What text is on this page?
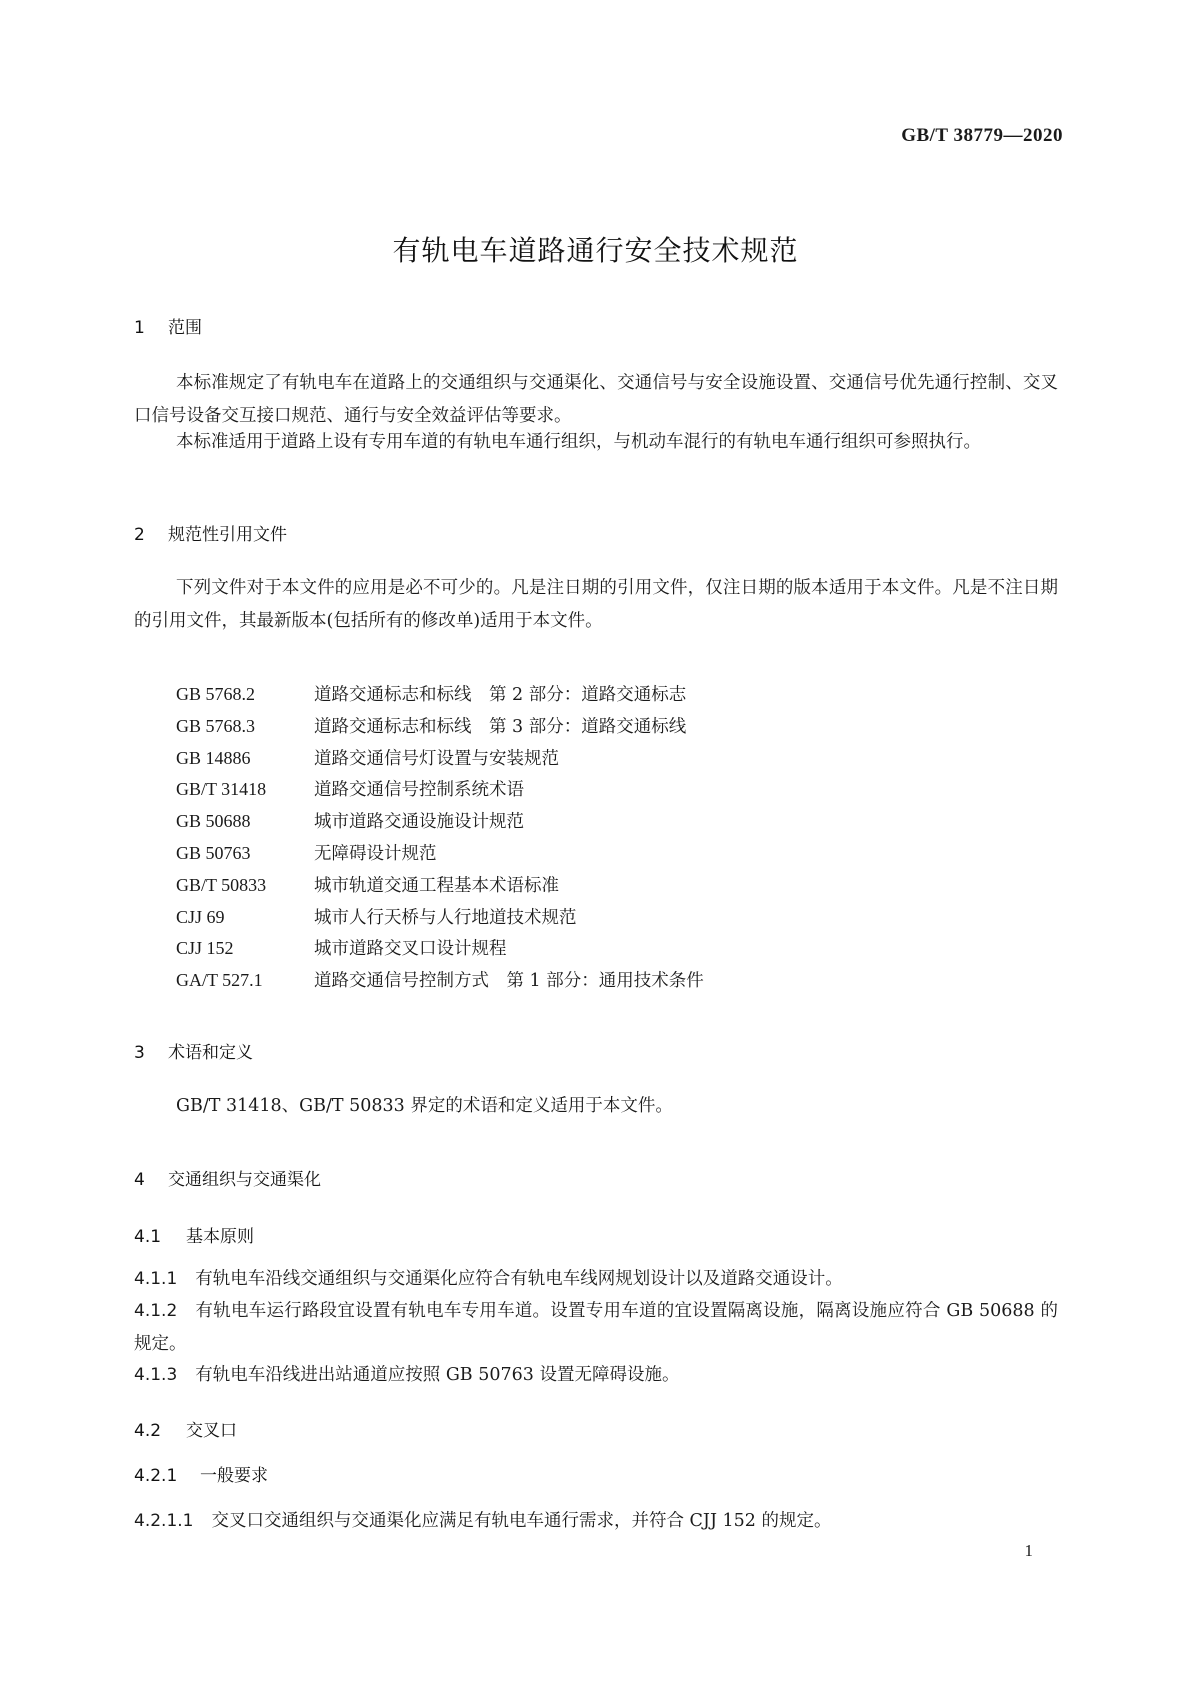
GB/T 38779—2020
有轨电车道路通行安全技术规范
1 范围
本标准规定了有轨电车在道路上的交通组织与交通渠化、交通信号与安全设施设置、交通信号优先通行控制、交叉口信号设备交互接口规范、通行与安全效益评估等要求。
本标准适用于道路上设有专用车道的有轨电车通行组织，与机动车混行的有轨电车通行组织可参照执行。
2 规范性引用文件
下列文件对于本文件的应用是必不可少的。凡是注日期的引用文件，仅注日期的版本适用于本文件。凡是不注日期的引用文件，其最新版本(包括所有的修改单)适用于本文件。
GB 5768.2	道路交通标志和标线　第 2 部分：道路交通标志
GB 5768.3	道路交通标志和标线　第 3 部分：道路交通标线
GB 14886	道路交通信号灯设置与安装规范
GB/T 31418	道路交通信号控制系统术语
GB 50688	城市道路交通设施设计规范
GB 50763	无障碍设计规范
GB/T 50833	城市轨道交通工程基本术语标准
CJJ 69	城市人行天桥与人行地道技术规范
CJJ 152	城市道路交叉口设计规程
GA/T 527.1	道路交通信号控制方式　第 1 部分：通用技术条件
3 术语和定义
GB/T 31418、GB/T 50833 界定的术语和定义适用于本文件。
4 交通组织与交通渠化
4.1 基本原则
4.1.1 有轨电车沿线交通组织与交通渠化应符合有轨电车线网规划设计以及道路交通设计。
4.1.2 有轨电车运行路段宜设置有轨电车专用车道。设置专用车道的宜设置隔离设施，隔离设施应符合 GB 50688 的规定。
4.1.3 有轨电车沿线进出站通道应按照 GB 50763 设置无障碍设施。
4.2 交叉口
4.2.1 一般要求
4.2.1.1 交叉口交通组织与交通渠化应满足有轨电车通行需求，并符合 CJJ 152 的规定。
1
